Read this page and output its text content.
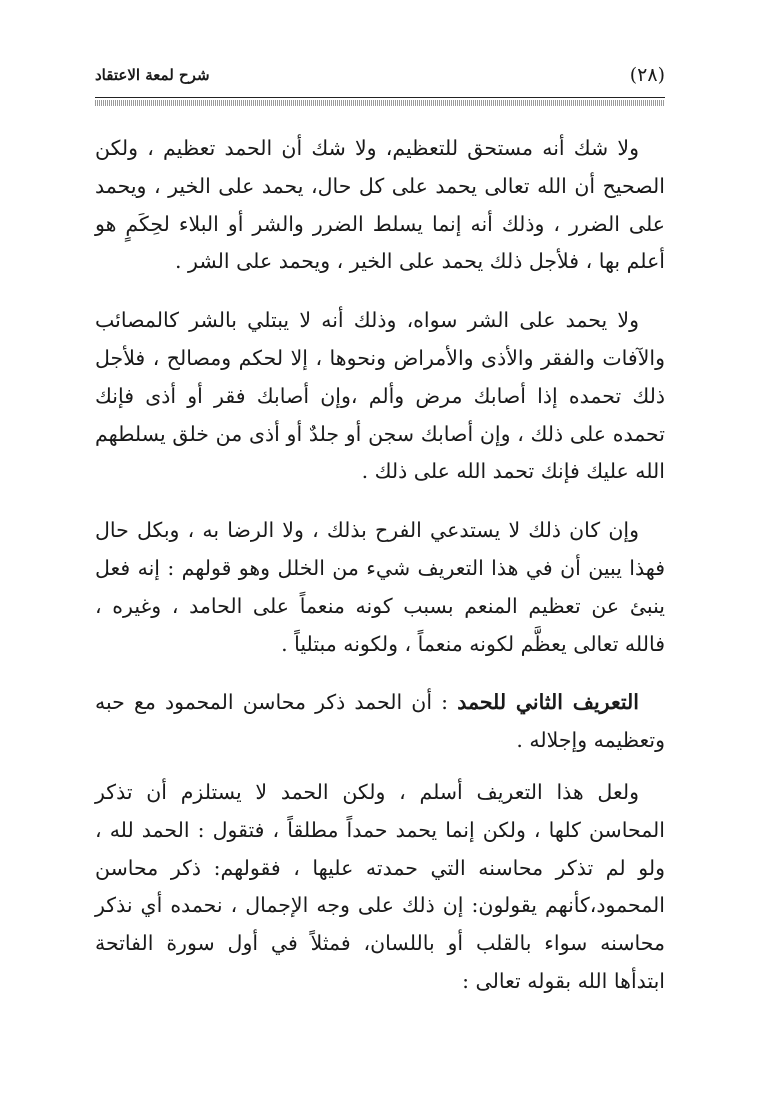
(٢٨)
شرح لمعة الاعتقاد

ولا شك أنه مستحق للتعظيم، ولا شك أن الحمد تعظيم ، ولكن الصحيح أن الله تعالى يحمد على كل حال، يحمد على الخير ، ويحمد على الضرر ، وذلك أنه إنما يسلط الضرر والشر أو البلاء لحِكَمٍ هو أعلم بها ، فلأجل ذلك يحمد على الخير ، ويحمد على الشر .

ولا يحمد على الشر سواه، وذلك أنه لا يبتلي بالشر كالمصائب والآفات والفقر والأذى والأمراض ونحوها ، إلا لحكم ومصالح ، فلأجل ذلك تحمده إذا أصابك مرض وألم ،وإن أصابك فقر أو أذى فإنك تحمده على ذلك ، وإن أصابك سجن أو جلدٌ أو أذى من خلق يسلطهم الله عليك فإنك تحمد الله على ذلك .

وإن كان ذلك لا يستدعي الفرح بذلك ، ولا الرضا به ، وبكل حال فهذا يبين أن في هذا التعريف شيء من الخلل وهو قولهم : إنه فعل ينبئ عن تعظيم المنعم بسبب كونه منعماً على الحامد ، وغيره ، فالله تعالى يعظَّم لكونه منعماً ، ولكونه مبتلياً .

التعريف الثاني للحمد : أن الحمد ذكر محاسن المحمود مع حبه وتعظيمه وإجلاله .

ولعل هذا التعريف أسلم ، ولكن الحمد لا يستلزم أن تذكر المحاسن كلها ، ولكن إنما يحمد حمداً مطلقاً ، فتقول : الحمد لله ، ولو لم تذكر محاسنه التي حمدته عليها ، فقولهم: ذكر محاسن المحمود،كأنهم يقولون: إن ذلك على وجه الإجمال ، نحمده أي نذكر محاسنه سواء بالقلب أو باللسان، فمثلاً في أول سورة الفاتحة ابتدأها الله بقوله تعالى :
